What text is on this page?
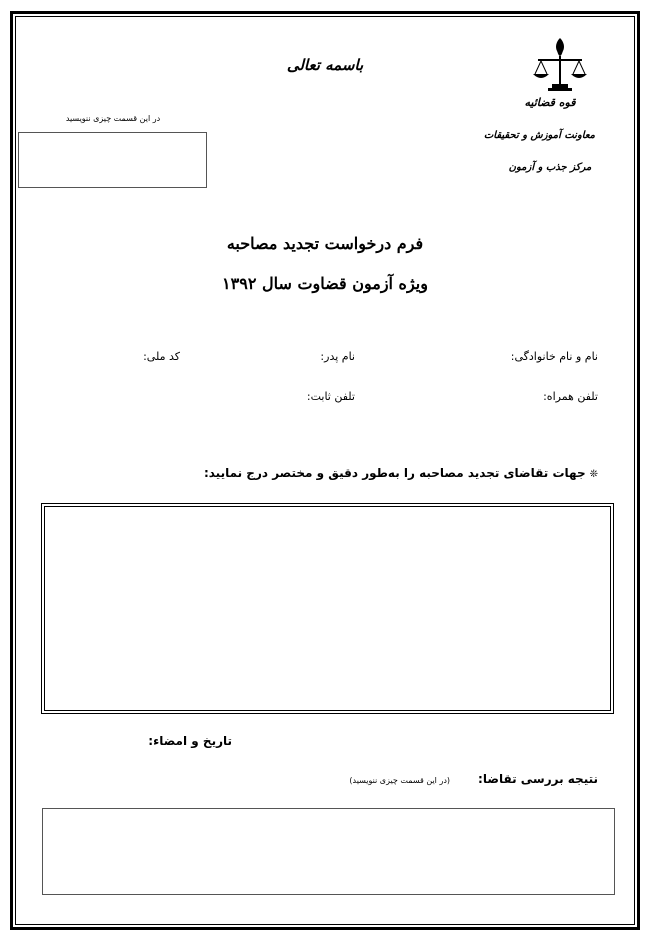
باسمه تعالی
قوه قضائیه
معاونت آموزش و تحقیقات
مرکز جذب و آزمون
در این قسمت چیزی ننویسید
فرم درخواست تجدید مصاحبه
ویژه آزمون قضاوت سال ۱۳۹۲
نام و نام خانوادگی:
نام پدر:
کد ملی:
تلفن همراه:
تلفن ثابت:
❊جهات تقاضای تجدید مصاحبه را به‌طور دقیق و مختصر درج نمایید:
تاریخ و امضاء:
نتیجه بررسی تقاضا:
(در این قسمت چیزی ننویسید)
